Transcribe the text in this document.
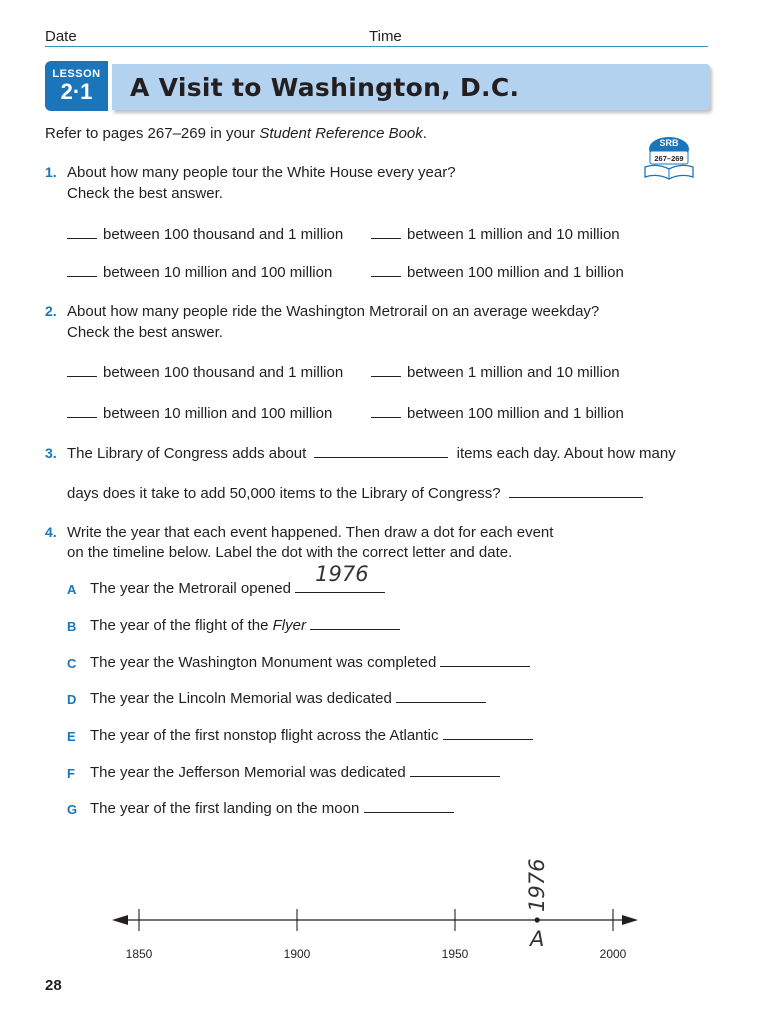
Date	Time
LESSON
2·1	A Visit to Washington, D.C.
Refer to pages 267–269 in your Student Reference Book.
SRB
267–269
1. About how many people tour the White House every year?
Check the best answer.
between 100 thousand and 1 million	between 1 million and 10 million
between 10 million and 100 million	between 100 million and 1 billion
2. About how many people ride the Washington Metrorail on an average weekday?
Check the best answer.
between 100 thousand and 1 million	between 1 million and 10 million
between 10 million and 100 million	between 100 million and 1 billion
3. The Library of Congress adds about	items each day. About how many
days does it take to add 50,000 items to the Library of Congress?
4. Write the year that each event happened. Then draw a dot for each event
on the timeline below. Label the dot with the correct letter and date.
A The year the Metrorail opened
1976
B The year of the flight of the Flyer
C The year the Washington Monument was completed
D The year the Lincoln Memorial was dedicated
E The year of the first nonstop flight across the Atlantic
F The year the Jefferson Memorial was dedicated
G The year of the first landing on the moon
1850	1900	1950	2000
A
1976
28
